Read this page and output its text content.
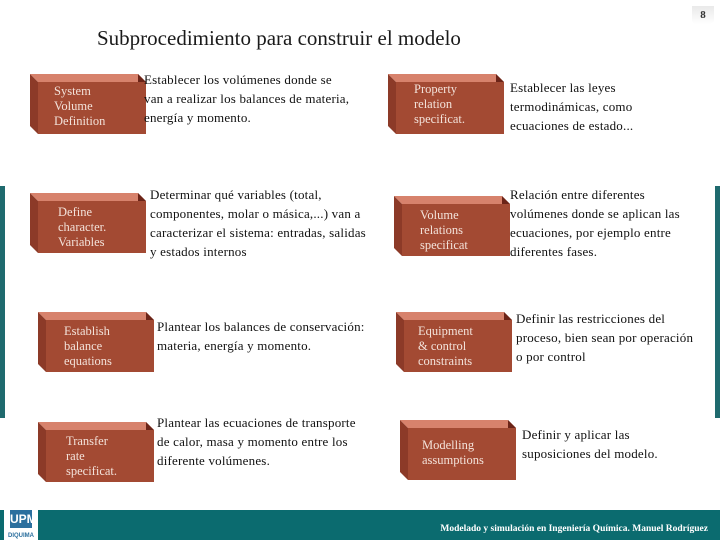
8
Subprocedimiento para construir el modelo
System
Volume
Definition
Establecer los volúmenes donde se van a realizar los balances de materia, energía y momento.
Define
character.
Variables
Determinar qué variables (total, componentes, molar o másica,...) van a caracterizar el sistema: entradas, salidas y estados internos
Establish
balance
equations
Plantear los balances de conservación: materia, energía y momento.
Transfer
rate
specificat.
Plantear las ecuaciones de transporte de calor, masa y momento entre los diferente volúmenes.
Property
relation
specificat.
Establecer las leyes termodinámicas, como ecuaciones de estado...
Volume
relations
specificat
Relación entre diferentes volúmenes donde se aplican las ecuaciones, por ejemplo entre diferentes fases.
Equipment
& control
constraints
Definir las restricciones del proceso, bien sean por operación o por control
Modelling
assumptions
Definir y aplicar las suposiciones del modelo.
UPM
DIQUIMA
Modelado y simulación en Ingeniería Química. Manuel Rodríguez
